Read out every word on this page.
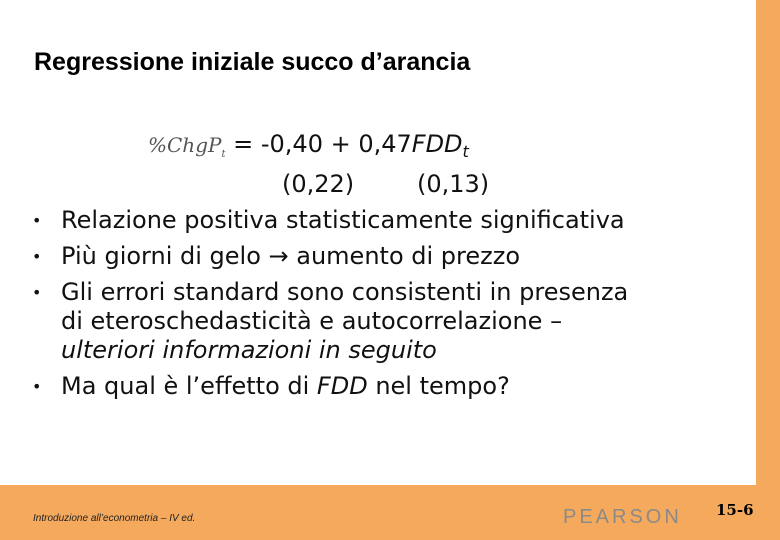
Regressione iniziale succo d’arancia
%ChgP$_t$ = $-0,40 + 0,47FDD_t$
(0,22)	(0,13)
• Relazione positiva statisticamente significativa
• Più giorni di gelo → aumento di prezzo
• Gli errori standard sono consistenti in presenza
di eteroschedasticità e autocorrelazione –
ulteriori informazioni in seguito
• Ma qual è l’effetto di FDD nel tempo?
Introduzione all’econometria – IV ed.	PEARSON 15-6
